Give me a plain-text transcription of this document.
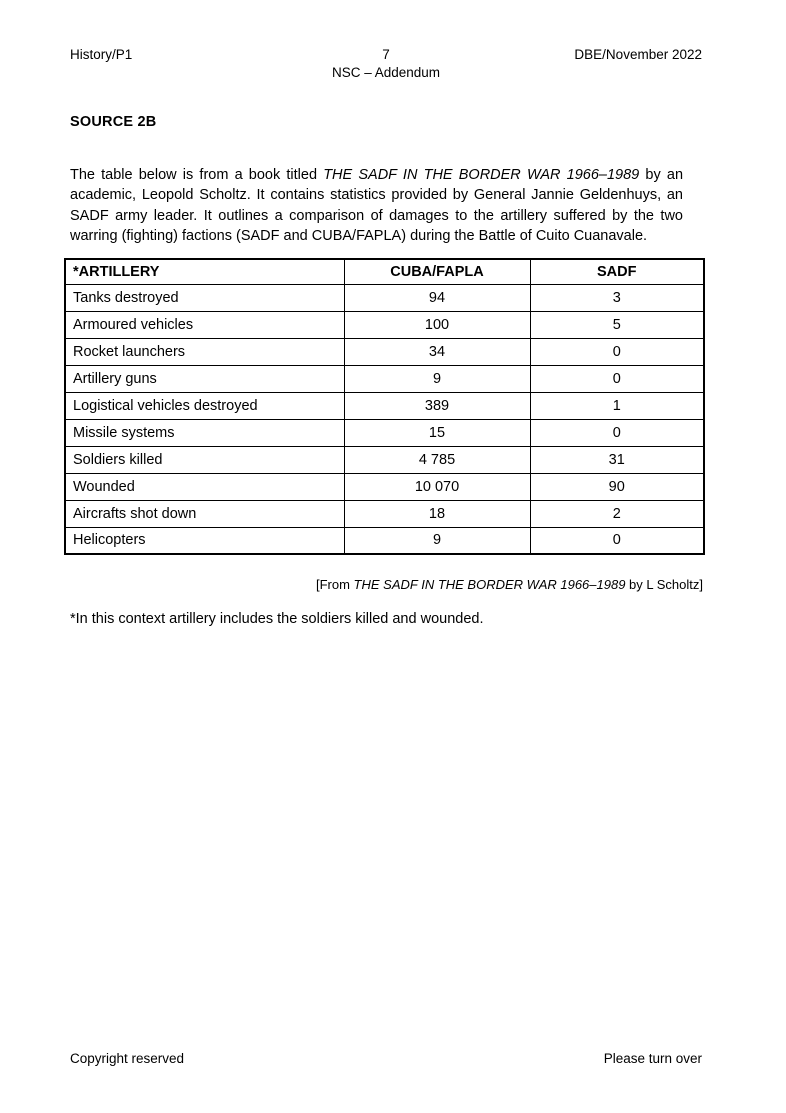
History/P1	7
NSC – Addendum
DBE/November 2022
SOURCE 2B

The table below is from a book titled THE SADF IN THE BORDER WAR 1966–1989 by an academic, Leopold Scholtz. It contains statistics provided by General Jannie Geldenhuys, an SADF army leader. It outlines a comparison of damages to the artillery suffered by the two warring (fighting) factions (SADF and CUBA/FAPLA) during the Battle of Cuito Cuanavale.

*ARTILLERY	CUBA/FAPLA	SADF
Tanks destroyed	94	3
Armoured vehicles	100	5
Rocket launchers	34	0
Artillery guns	9	0
Logistical vehicles destroyed	389	1
Missile systems	15	0
Soldiers killed	4 785	31
Wounded	10 070	90
Aircrafts shot down	18	2
Helicopters	9	0
[From THE SADF IN THE BORDER WAR 1966–1989 by L Scholtz]
*In this context artillery includes the soldiers killed and wounded.
Copyright reserved	Please turn over
